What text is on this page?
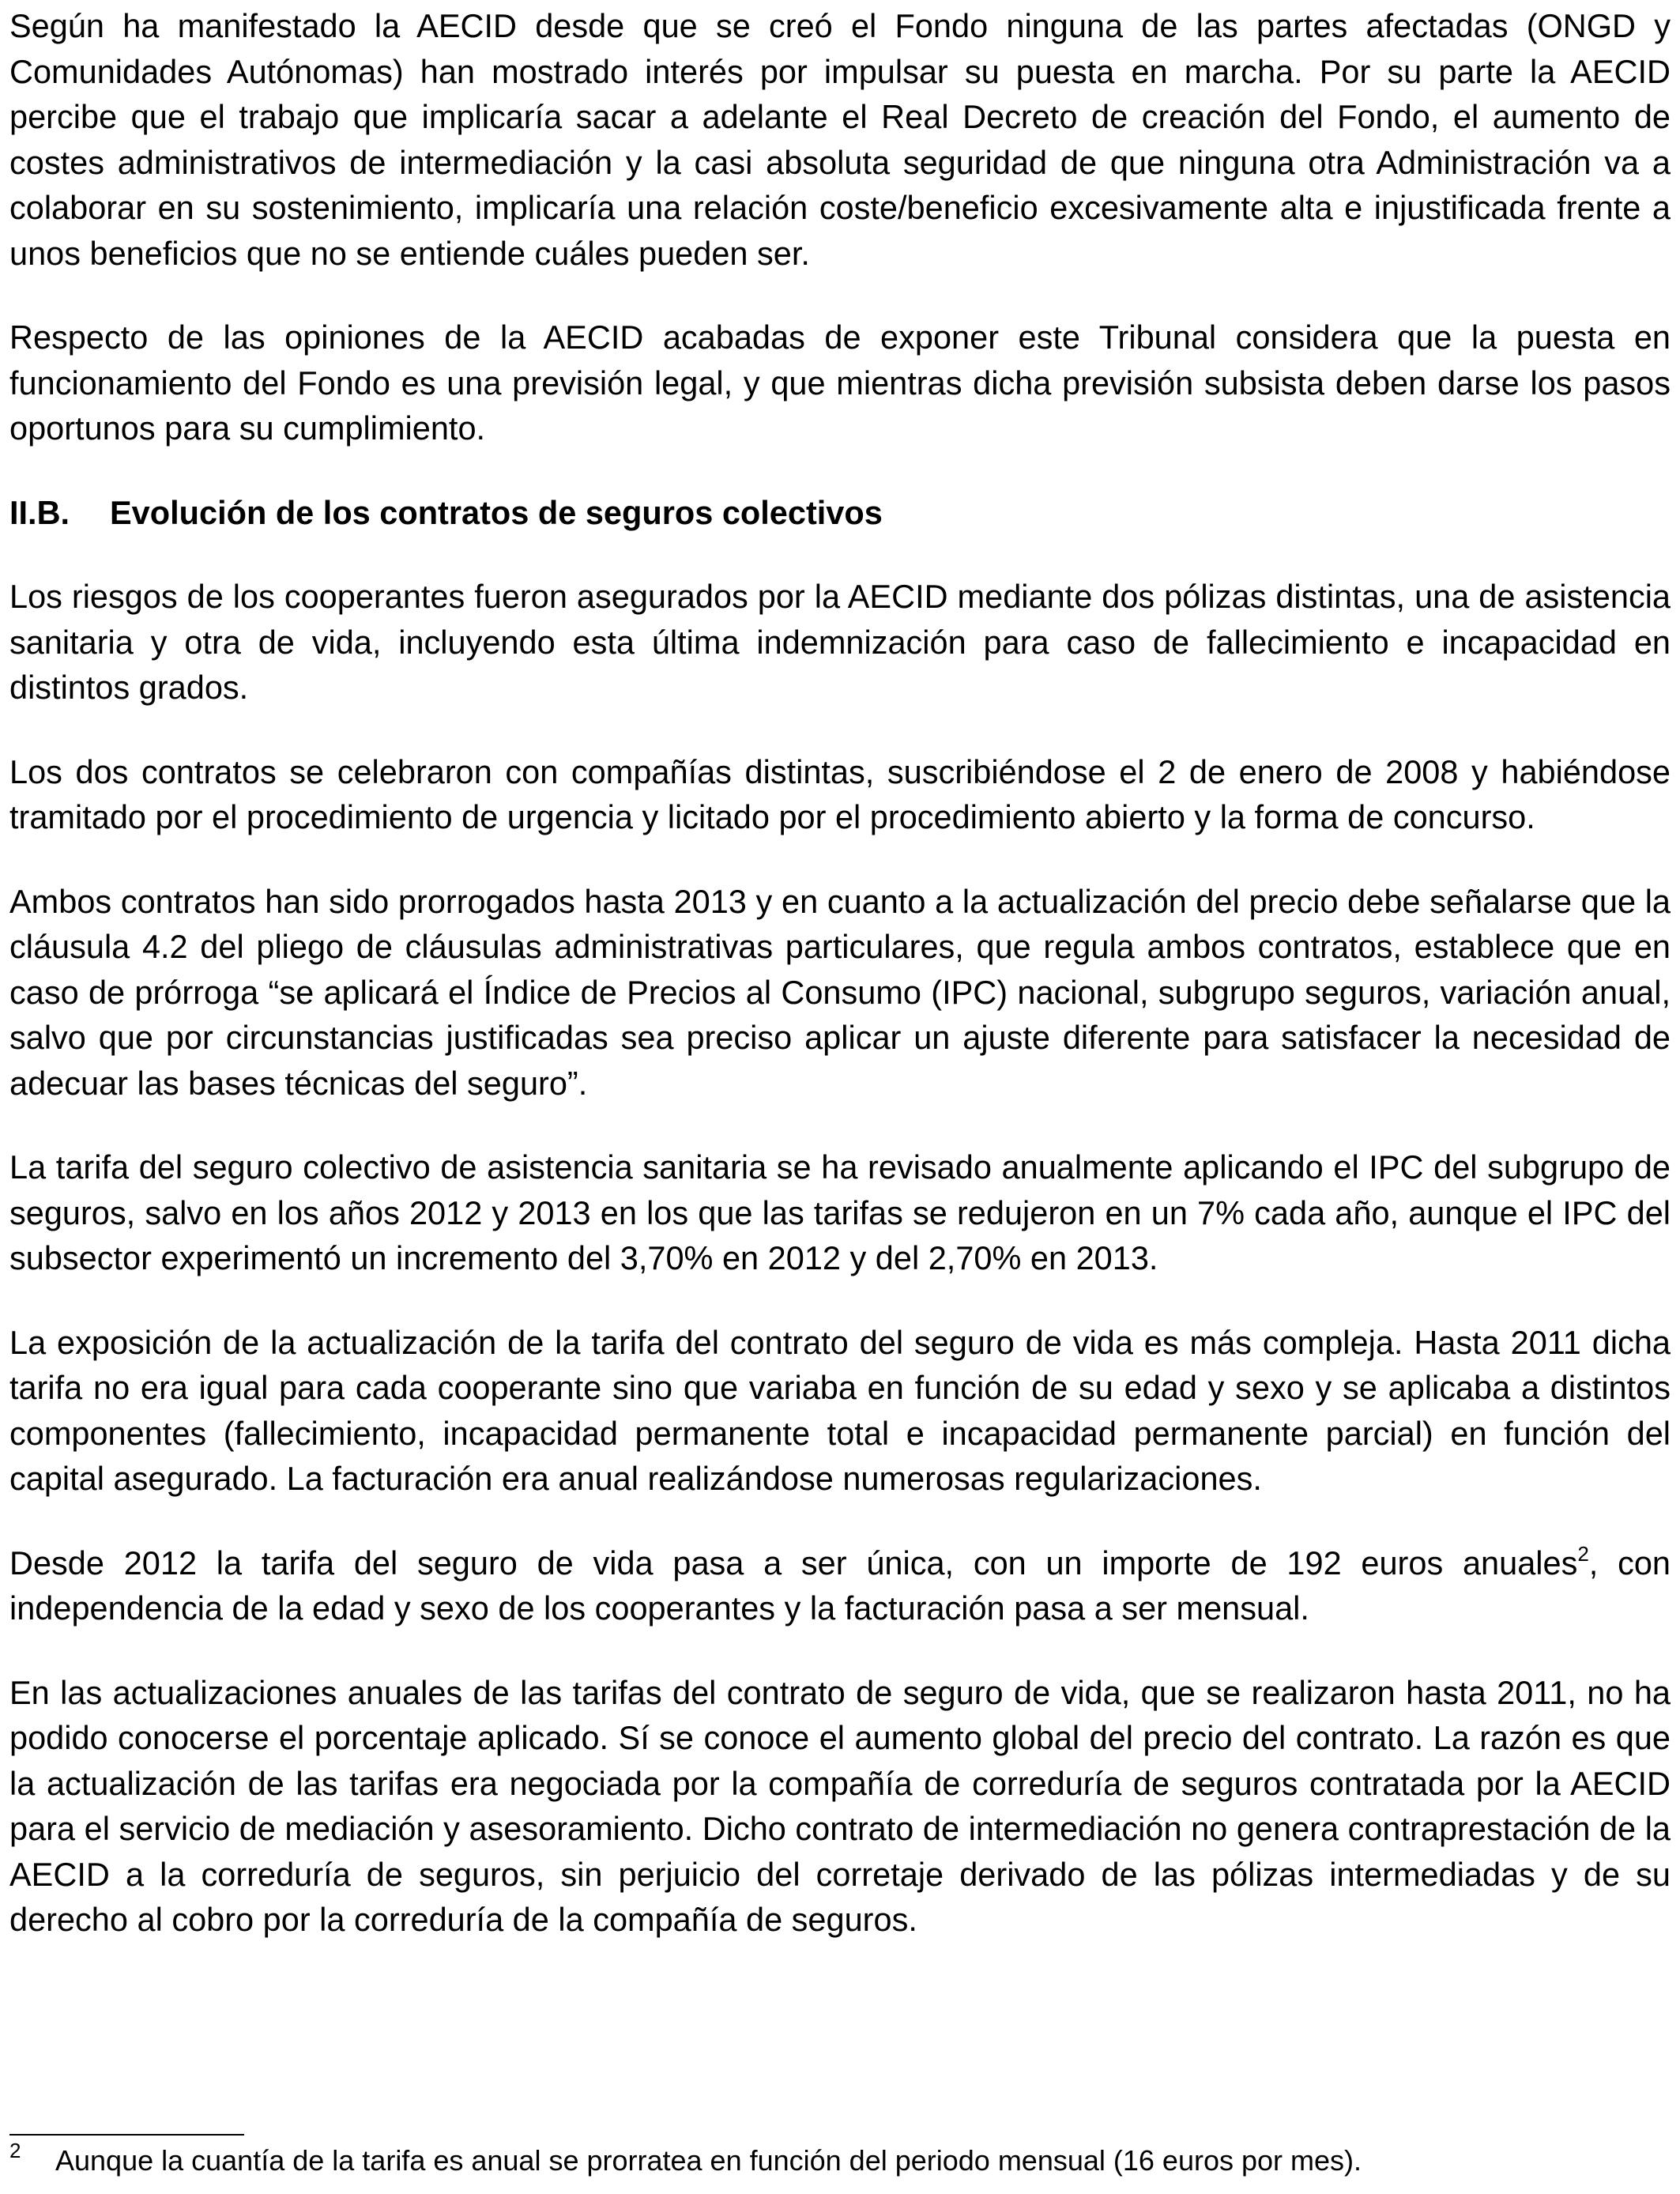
Según ha manifestado la AECID desde que se creó el Fondo ninguna de las partes afectadas (ONGD y Comunidades Autónomas) han mostrado interés por impulsar su puesta en marcha. Por su parte la AECID percibe que el trabajo que implicaría sacar a adelante el Real Decreto de creación del Fondo, el aumento de costes administrativos de intermediación y la casi absoluta seguridad de que ninguna otra Administración va a colaborar en su sostenimiento, implicaría una relación coste/beneficio excesivamente alta e injustificada frente a unos beneficios que no se entiende cuáles pueden ser.

Respecto de las opiniones de la AECID acabadas de exponer este Tribunal considera que la puesta en funcionamiento del Fondo es una previsión legal, y que mientras dicha previsión subsista deben darse los pasos oportunos para su cumplimiento.

II.B.	Evolución de los contratos de seguros colectivos

Los riesgos de los cooperantes fueron asegurados por la AECID mediante dos pólizas distintas, una de asistencia sanitaria y otra de vida, incluyendo esta última indemnización para caso de fallecimiento e incapacidad en distintos grados.

Los dos contratos se celebraron con compañías distintas, suscribiéndose el 2 de enero de 2008 y habiéndose tramitado por el procedimiento de urgencia y licitado por el procedimiento abierto y la forma de concurso.

Ambos contratos han sido prorrogados hasta 2013 y en cuanto a la actualización del precio debe señalarse que la cláusula 4.2 del pliego de cláusulas administrativas particulares, que regula ambos contratos, establece que en caso de prórroga “se aplicará el Índice de Precios al Consumo (IPC) nacional, subgrupo seguros, variación anual, salvo que por circunstancias justificadas sea preciso aplicar un ajuste diferente para satisfacer la necesidad de adecuar las bases técnicas del seguro”.

La tarifa del seguro colectivo de asistencia sanitaria se ha revisado anualmente aplicando el IPC del subgrupo de seguros, salvo en los años 2012 y 2013 en los que las tarifas se redujeron en un 7% cada año, aunque el IPC del subsector experimentó un incremento del 3,70% en 2012 y del 2,70% en 2013.

La exposición de la actualización de la tarifa del contrato del seguro de vida es más compleja. Hasta 2011 dicha tarifa no era igual para cada cooperante sino que variaba en función de su edad y sexo y se aplicaba a distintos componentes (fallecimiento, incapacidad permanente total e incapacidad permanente parcial) en función del capital asegurado. La facturación era anual realizándose numerosas regularizaciones.

Desde 2012 la tarifa del seguro de vida pasa a ser única, con un importe de 192 euros anuales$^2$, con independencia de la edad y sexo de los cooperantes y la facturación pasa a ser mensual.

En las actualizaciones anuales de las tarifas del contrato de seguro de vida, que se realizaron hasta 2011, no ha podido conocerse el porcentaje aplicado. Sí se conoce el aumento global del precio del contrato. La razón es que la actualización de las tarifas era negociada por la compañía de correduría de seguros contratada por la AECID para el servicio de mediación y asesoramiento. Dicho contrato de intermediación no genera contraprestación de la AECID a la correduría de seguros, sin perjuicio del corretaje derivado de las pólizas intermediadas y de su derecho al cobro por la correduría de la compañía de seguros.

2	Aunque la cuantía de la tarifa es anual se prorratea en función del periodo mensual (16 euros por mes).
